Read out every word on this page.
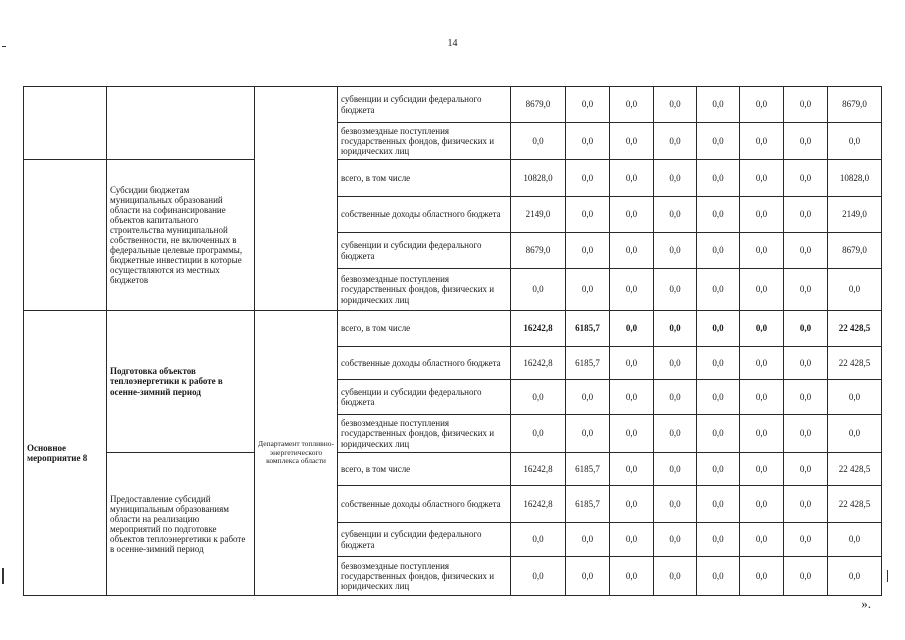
14
			субвенции и субсидии федерального бюджета	8679,0	0,0	0,0	0,0	0,0	0,0	0,0	8679,0
			безвозмездные поступления государственных фондов, физических и юридических лиц	0,0	0,0	0,0	0,0	0,0	0,0	0,0	0,0
	Субсидии бюджетам муниципальных образований области на софинансирование объектов капитального строительства муниципальной собственности, не включенных в федеральные целевые программы, бюджетные инвестиции в которые осуществляются из местных бюджетов		всего, в том числе	10828,0	0,0	0,0	0,0	0,0	0,0	0,0	10828,0
			собственные доходы областного бюджета	2149,0	0,0	0,0	0,0	0,0	0,0	0,0	2149,0
			субвенции и субсидии федерального бюджета	8679,0	0,0	0,0	0,0	0,0	0,0	0,0	8679,0
			безвозмездные поступления государственных фондов, физических и юридических лиц	0,0	0,0	0,0	0,0	0,0	0,0	0,0	0,0
Основное мероприятие 8	Подготовка объектов теплоэнергетики к работе в осенне-зимний период	Департамент топливно-энергетического комплекса области	всего, в том числе	16242,8	6185,7	0,0	0,0	0,0	0,0	0,0	22 428,5
			собственные доходы областного бюджета	16242,8	6185,7	0,0	0,0	0,0	0,0	0,0	22 428,5
			субвенции и субсидии федерального бюджета	0,0	0,0	0,0	0,0	0,0	0,0	0,0	0,0
			безвозмездные поступления государственных фондов, физических и юридических лиц	0,0	0,0	0,0	0,0	0,0	0,0	0,0	0,0
	Предоставление субсидий муниципальным образованиям области на реализацию мероприятий по подготовке объектов теплоэнергетики к работе в осенне-зимний период		всего, в том числе	16242,8	6185,7	0,0	0,0	0,0	0,0	0,0	22 428,5
			собственные доходы областного бюджета	16242,8	6185,7	0,0	0,0	0,0	0,0	0,0	22 428,5
			субвенции и субсидии федерального бюджета	0,0	0,0	0,0	0,0	0,0	0,0	0,0	0,0
			безвозмездные поступления государственных фондов, физических и юридических лиц	0,0	0,0	0,0	0,0	0,0	0,0	0,0	0,0
».
